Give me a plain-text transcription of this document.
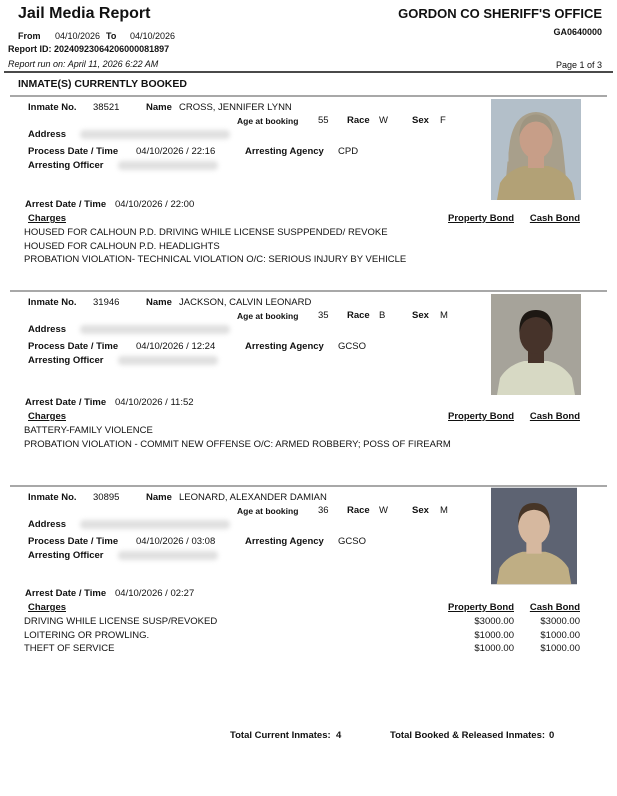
Jail Media Report
From 04/10/2026 To 04/10/2026
GORDON CO SHERIFF'S OFFICE
GA0640000
Report ID: 20240923064206000081897
Report run on: April 11, 2026 6:22 AM	Page 1 of 3
INMATE(S) CURRENTLY BOOKED
Inmate No. 38521	Name CROSS, JENNIFER LYNN
Age at booking 55 Race W	Sex F
Address
Process Date / Time 04/10/2026 / 22:16	Arresting Agency CPD
Arresting Officer
Arrest Date / Time 04/10/2026 / 22:00
Charges	Property Bond Cash Bond
HOUSED FOR CALHOUN P.D. DRIVING WHILE LICENSE SUSPPENDED/ REVOKE
HOUSED FOR CALHOUN P.D. HEADLIGHTS
PROBATION VIOLATION- TECHNICAL VIOLATION O/C: SERIOUS INJURY BY VEHICLE
Inmate No. 31946	Name JACKSON, CALVIN LEONARD
Age at booking 35 Race B	Sex M
Address
Process Date / Time 04/10/2026 / 12:24	Arresting Agency GCSO
Arresting Officer
Arrest Date / Time 04/10/2026 / 11:52
Charges	Property Bond Cash Bond
BATTERY-FAMILY VIOLENCE
PROBATION VIOLATION - COMMIT NEW OFFENSE O/C: ARMED ROBBERY; POSS OF FIREARM
Inmate No. 30895	Name LEONARD, ALEXANDER DAMIAN
Age at booking 36 Race W	Sex M
Address
Process Date / Time 04/10/2026 / 03:08	Arresting Agency GCSO
Arresting Officer
Arrest Date / Time 04/10/2026 / 02:27
Charges	Property Bond Cash Bond
DRIVING WHILE LICENSE SUSP/REVOKED	$3000.00	$3000.00
LOITERING OR PROWLING.	$1000.00	$1000.00
THEFT OF SERVICE	$1000.00	$1000.00
Total Current Inmates: 4	Total Booked & Released Inmates: 0
